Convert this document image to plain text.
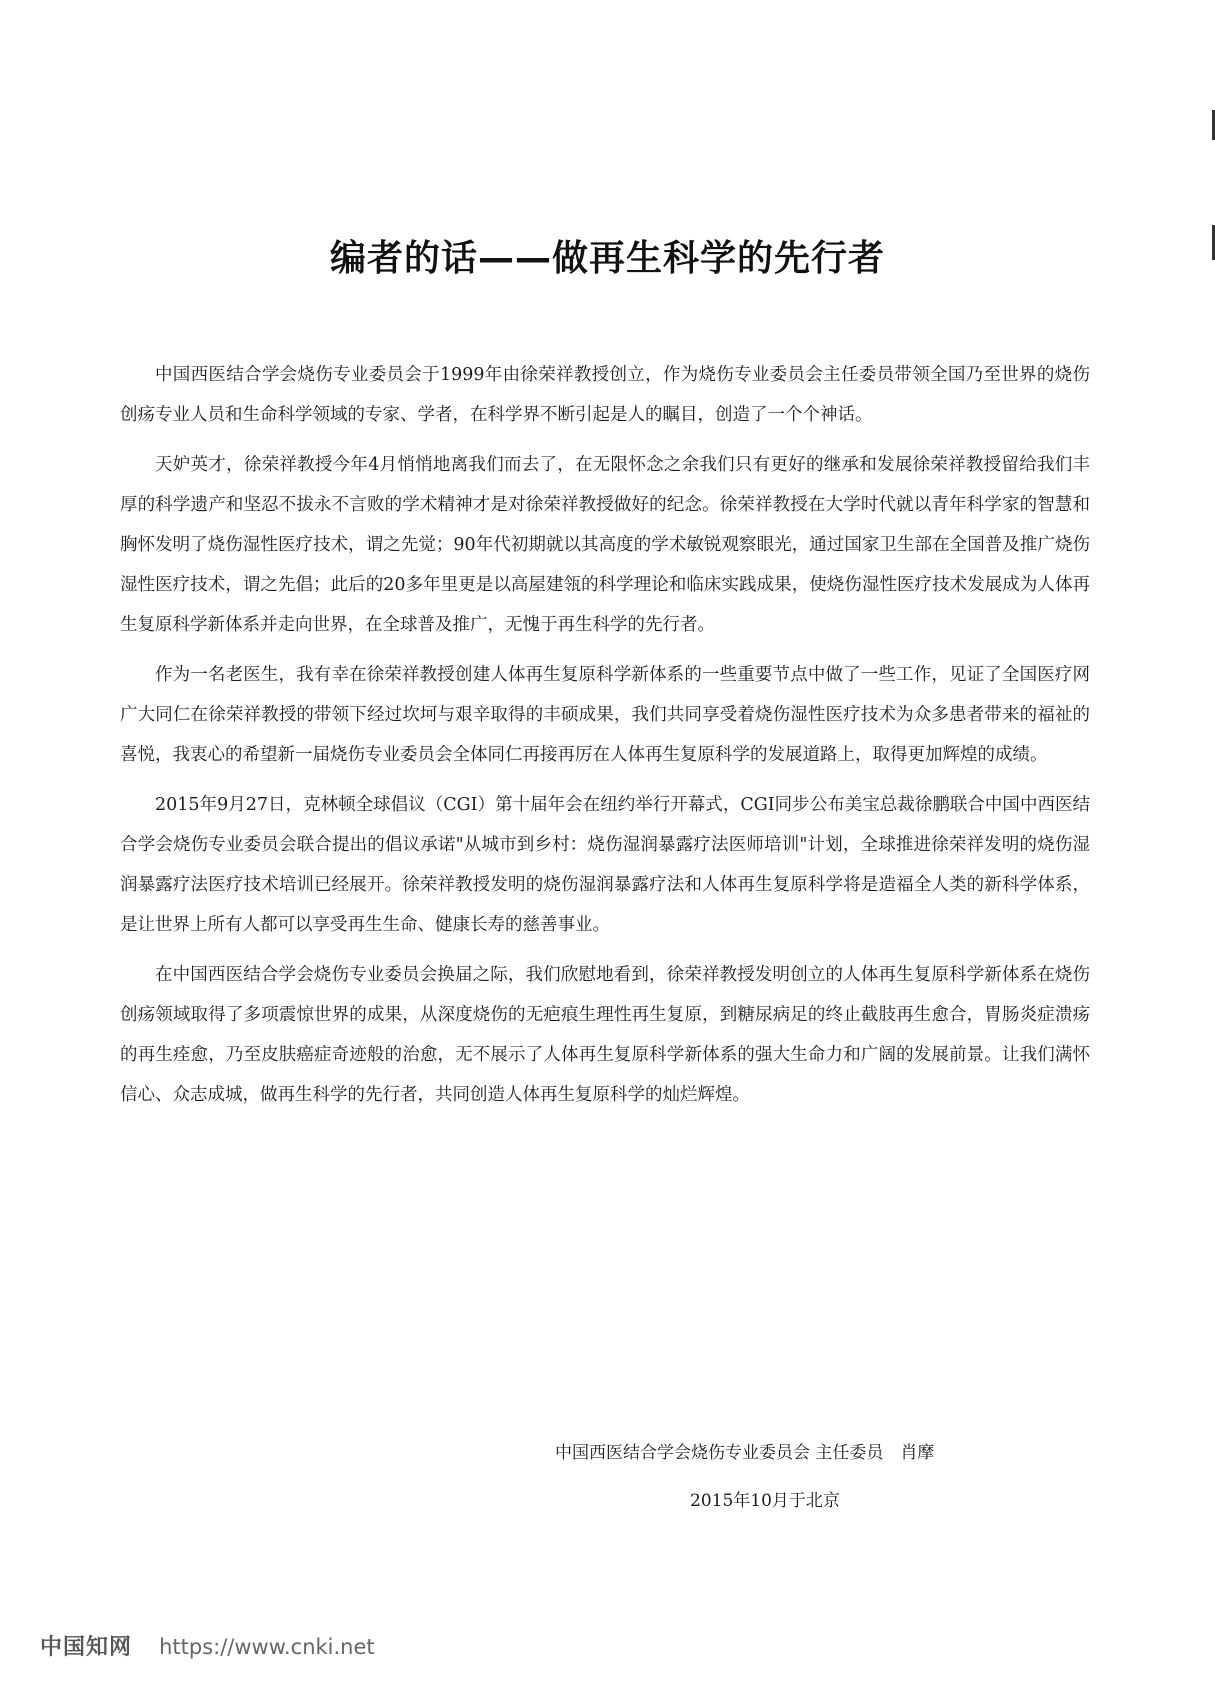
编者的话——做再生科学的先行者

中国西医结合学会烧伤专业委员会于1999年由徐荣祥教授创立，作为烧伤专业委员会主任委员带领全国乃至世界的烧伤创疡专业人员和生命科学领域的专家、学者，在科学界不断引起是人的瞩目，创造了一个个神话。

天妒英才，徐荣祥教授今年4月悄悄地离我们而去了，在无限怀念之余我们只有更好的继承和发展徐荣祥教授留给我们丰厚的科学遗产和坚忍不拔永不言败的学术精神才是对徐荣祥教授做好的纪念。徐荣祥教授在大学时代就以青年科学家的智慧和胸怀发明了烧伤湿性医疗技术，谓之先觉；90年代初期就以其高度的学术敏锐观察眼光，通过国家卫生部在全国普及推广烧伤湿性医疗技术，谓之先倡；此后的20多年里更是以高屋建瓴的科学理论和临床实践成果，使烧伤湿性医疗技术发展成为人体再生复原科学新体系并走向世界，在全球普及推广，无愧于再生科学的先行者。

作为一名老医生，我有幸在徐荣祥教授创建人体再生复原科学新体系的一些重要节点中做了一些工作，见证了全国医疗网广大同仁在徐荣祥教授的带领下经过坎坷与艰辛取得的丰硕成果，我们共同享受着烧伤湿性医疗技术为众多患者带来的福祉的喜悦，我衷心的希望新一届烧伤专业委员会全体同仁再接再厉在人体再生复原科学的发展道路上，取得更加辉煌的成绩。

2015年9月27日，克林顿全球倡议（CGI）第十届年会在纽约举行开幕式，CGI同步公布美宝总裁徐鹏联合中国中西医结合学会烧伤专业委员会联合提出的倡议承诺"从城市到乡村：烧伤湿润暴露疗法医师培训"计划，全球推进徐荣祥发明的烧伤湿润暴露疗法医疗技术培训已经展开。徐荣祥教授发明的烧伤湿润暴露疗法和人体再生复原科学将是造福全人类的新科学体系，是让世界上所有人都可以享受再生生命、健康长寿的慈善事业。

在中国西医结合学会烧伤专业委员会换届之际，我们欣慰地看到，徐荣祥教授发明创立的人体再生复原科学新体系在烧伤创疡领域取得了多项震惊世界的成果，从深度烧伤的无疤痕生理性再生复原，到糖尿病足的终止截肢再生愈合，胃肠炎症溃疡的再生痊愈，乃至皮肤癌症奇迹般的治愈，无不展示了人体再生复原科学新体系的强大生命力和广阔的发展前景。让我们满怀信心、众志成城，做再生科学的先行者，共同创造人体再生复原科学的灿烂辉煌。

中国西医结合学会烧伤专业委员会 主任委员　肖摩
2015年10月于北京
中国知网 https://www.cnki.net
